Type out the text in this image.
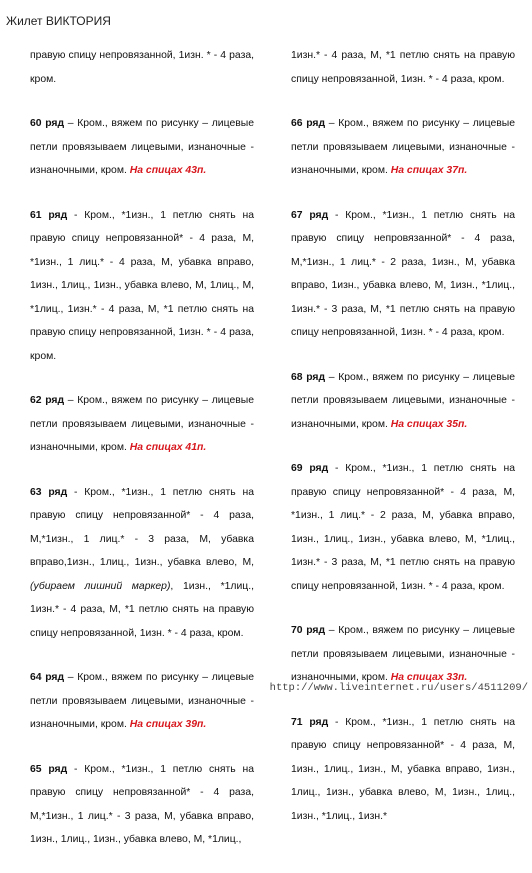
Жилет ВИКТОРИЯ

правую спицу непровязанной, 1изн. * - 4 раза, кром.

60 ряд – Кром., вяжем по рисунку – лицевые петли провязываем лицевыми, изнаночные - изнаночными, кром. На спицах 43п.

61 ряд - Кром., *1изн., 1 петлю снять на правую спицу непровязанной* - 4 раза, М, *1изн., 1 лиц.* - 4 раза, М, убавка вправо, 1изн., 1лиц., 1изн., убавка влево, М, 1лиц., М, *1лиц., 1изн.* - 4 раза, М, *1 петлю снять на правую спицу непровязанной, 1изн. * - 4 раза, кром.

62 ряд – Кром., вяжем по рисунку – лицевые петли провязываем лицевыми, изнаночные - изнаночными, кром. На спицах 41п.

63 ряд - Кром., *1изн., 1 петлю снять на правую спицу непровязанной* - 4 раза, М,*1изн., 1 лиц.* - 3 раза, М, убавка вправо,1изн., 1лиц., 1изн., убавка влево, М, (убираем лишний маркер), 1изн., *1лиц., 1изн.* - 4 раза, М, *1 петлю снять на правую спицу непровязанной, 1изн. * - 4 раза, кром.

64 ряд – Кром., вяжем по рисунку – лицевые петли провязываем лицевыми, изнаночные - изнаночными, кром. На спицах 39п.

65 ряд - Кром., *1изн., 1 петлю снять на правую спицу непровязанной* - 4 раза, М,*1изн., 1 лиц.* - 3 раза, М, убавка вправо, 1изн., 1лиц., 1изн., убавка влево, М, *1лиц.,

1изн.* - 4 раза, М, *1 петлю снять на правую спицу непровязанной, 1изн. * - 4 раза, кром.

66 ряд – Кром., вяжем по рисунку – лицевые петли провязываем лицевыми, изнаночные - изнаночными, кром. На спицах 37п.

67 ряд - Кром., *1изн., 1 петлю снять на правую спицу непровязанной* - 4 раза, М,*1изн., 1 лиц.* - 2 раза, 1изн., М, убавка вправо, 1изн., убавка влево, М, 1изн., *1лиц., 1изн.* - 3 раза, М, *1 петлю снять на правую спицу непровязанной, 1изн. * - 4 раза, кром.

68 ряд – Кром., вяжем по рисунку – лицевые петли провязываем лицевыми, изнаночные - изнаночными, кром. На спицах 35п.

69 ряд - Кром., *1изн., 1 петлю снять на правую спицу непровязанной* - 4 раза, М, *1изн., 1 лиц.* - 2 раза, М, убавка вправо, 1изн., 1лиц., 1изн., убавка влево, М, *1лиц., 1изн.* - 3 раза, М, *1 петлю снять на правую спицу непровязанной, 1изн. * - 4 раза, кром.

70 ряд – Кром., вяжем по рисунку – лицевые петли провязываем лицевыми, изнаночные - изнаночными, кром. На спицах 33п.

71 ряд - Кром., *1изн., 1 петлю снять на правую спицу непровязанной* - 4 раза, М, 1изн., 1лиц., 1изн., М, убавка вправо, 1изн., 1лиц., 1изн., убавка влево, М, 1изн., 1лиц., 1изн., *1лиц., 1изн.*

http://www.liveinternet.ru/users/4511209/
